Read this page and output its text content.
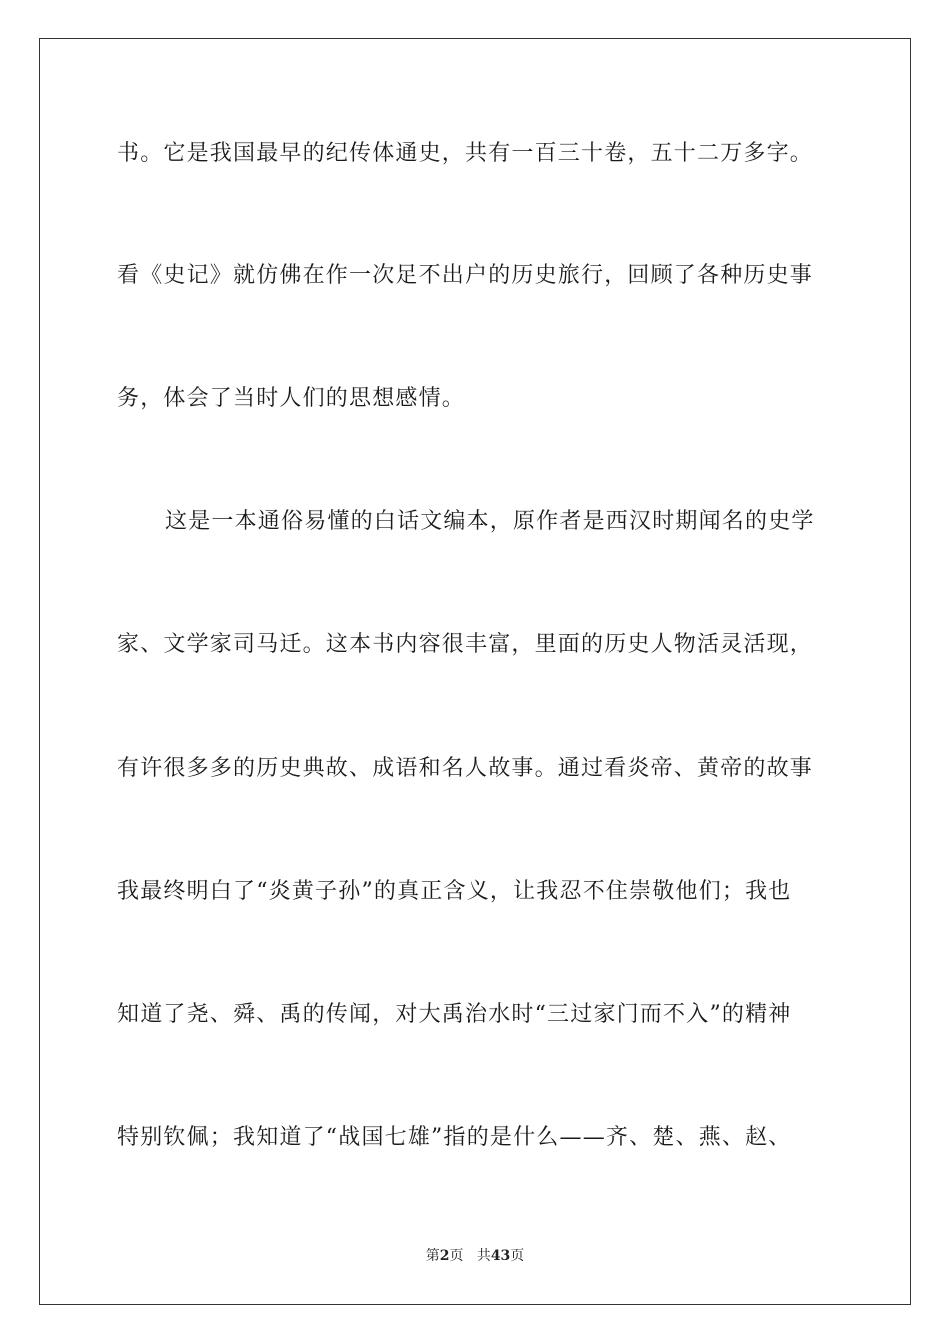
书。它是我国最早的纪传体通史，共有一百三十卷，五十二万多字。
看《史记》就仿佛在作一次足不出户的历史旅行，回顾了各种历史事
务，体会了当时人们的思想感情。
这是一本通俗易懂的白话文编本，原作者是西汉时期闻名的史学
家、文学家司马迁。这本书内容很丰富，里面的历史人物活灵活现，
有许很多多的历史典故、成语和名人故事。通过看炎帝、黄帝的故事
我最终明白了“炎黄子孙”的真正含义，让我忍不住崇敬他们；我也
知道了尧、舜、禹的传闻，对大禹治水时“三过家门而不入”的精神
特别钦佩；我知道了“战国七雄”指的是什么——齐、楚、燕、赵、
第2页 共43页
